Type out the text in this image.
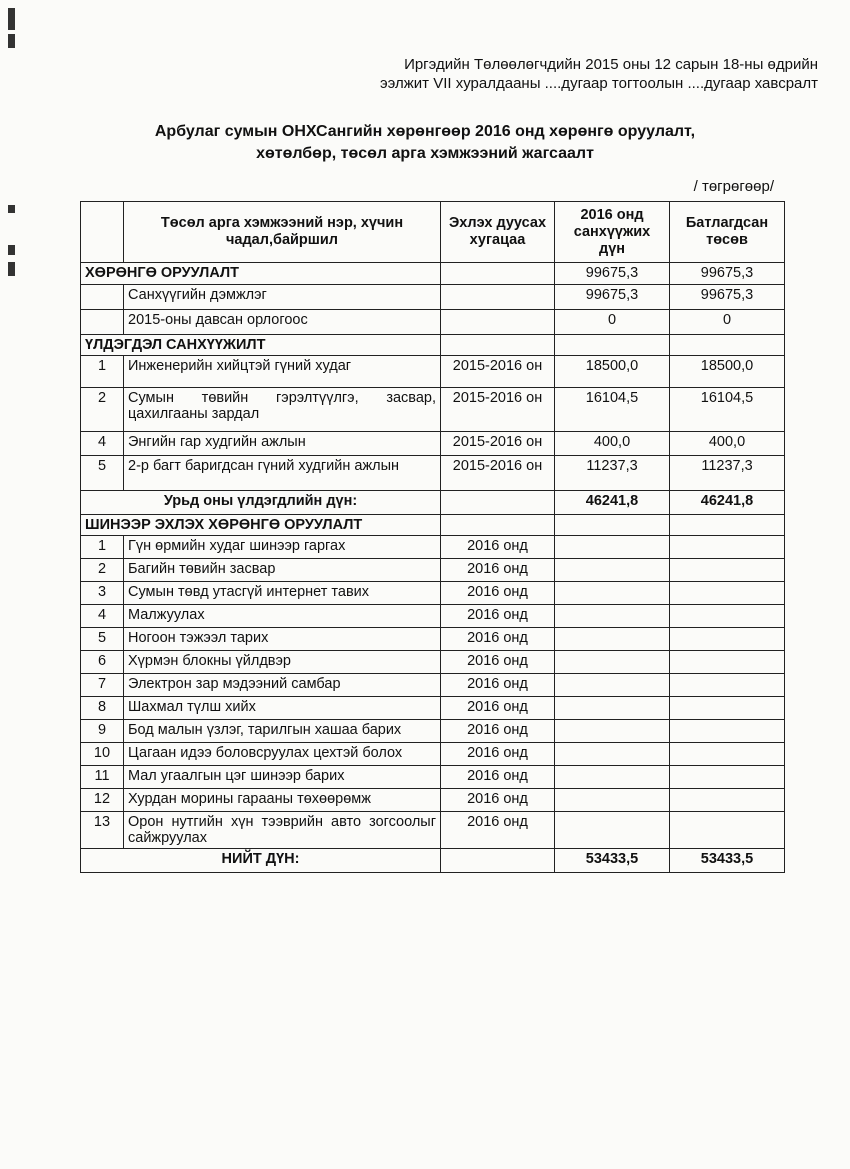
Иргэдийн Төлөөлөгчдийн 2015 оны 12 сарын 18-ны өдрийн
ээлжит VII хуралдааны ....дугаар тогтоолын ....дугаар хавсралт
Арбулаг сумын ОНХСангийн хөрөнгөөр 2016 онд хөрөнгө оруулалт,
хөтөлбөр, төсөл арга хэмжээний жагсаалт
/ төгрөгөөр/
	Төсөл арга хэмжээний нэр, хүчин чадал,байршил	Эхлэх дуусах хугацаа	2016 онд санхүүжих дүн	Батлагдсан төсөв
ХӨРӨНГӨ ОРУУЛАЛТ			99675,3	99675,3
	Санхүүгийн дэмжлэг		99675,3	99675,3
	2015-оны давсан орлогоос		0	0
ҮЛДЭГДЭЛ САНХҮҮЖИЛТ				
1	Инженерийн хийцтэй гүний худаг	2015-2016 он	18500,0	18500,0
2	Сумын төвийн гэрэлтүүлгэ, засвар, цахилгааны зардал	2015-2016 он	16104,5	16104,5
4	Энгийн гар худгийн ажлын	2015-2016 он	400,0	400,0
5	2-р багт баригдсан гүний худгийн ажлын	2015-2016 он	11237,3	11237,3
Урьд оны үлдэгдлийн дүн:			46241,8	46241,8
ШИНЭЭР ЭХЛЭХ ХӨРӨНГӨ ОРУУЛАЛТ				
1	Гүн өрмийн худаг шинээр гаргах	2016 онд		
2	Багийн төвийн засвар	2016 онд		
3	Сумын төвд утасгүй интернет тавих	2016 онд		
4	Малжуулах	2016 онд		
5	Ногоон тэжээл тарих	2016 онд		
6	Хүрмэн блокны үйлдвэр	2016 онд		
7	Электрон зар мэдээний самбар	2016 онд		
8	Шахмал түлш хийх	2016 онд		
9	Бод малын үзлэг, тарилгын хашаа барих	2016 онд		
10	Цагаан идээ боловсруулах цехтэй болох	2016 онд		
11	Мал угаалгын цэг шинээр барих	2016 онд		
12	Хурдан морины гарааны төхөөрөмж	2016 онд		
13	Орон нутгийн хүн тээврийн авто зогсоолыг сайжруулах	2016 онд		
НИЙТ ДҮН:			53433,5	53433,5
